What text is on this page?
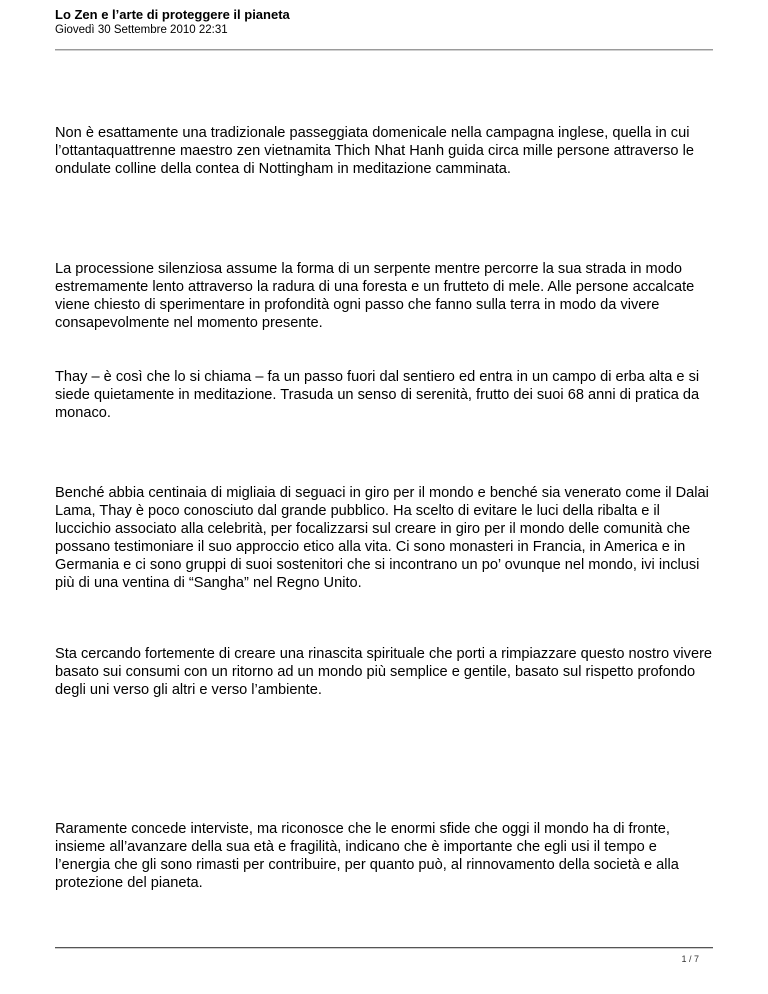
Lo Zen e l’arte di proteggere il pianeta
Giovedì 30 Settembre 2010 22:31

Non è esattamente una tradizionale passeggiata domenicale nella campagna inglese, quella in cui l’ottantaquattrenne maestro zen vietnamita Thich Nhat Hanh guida circa mille persone attraverso le ondulate colline della contea di Nottingham in meditazione camminata.

La processione silenziosa assume la forma di un serpente mentre percorre la sua strada in modo estremamente lento attraverso la radura di una foresta e un frutteto di mele. Alle persone accalcate viene chiesto di sperimentare in profondità ogni passo che fanno sulla terra in modo da vivere consapevolmente nel momento presente.

Thay – è così che lo si chiama – fa un passo fuori dal sentiero ed entra in un campo di erba alta e si siede quietamente in meditazione. Trasuda un senso di serenità, frutto dei suoi 68 anni di pratica da monaco.

Benché abbia centinaia di migliaia di seguaci in giro per il mondo e benché sia venerato come il Dalai Lama, Thay è poco conosciuto dal grande pubblico. Ha scelto di evitare le luci della ribalta e il luccichio associato alla celebrità, per focalizzarsi sul creare in giro per il mondo delle comunità che possano testimoniare il suo approccio etico alla vita. Ci sono monasteri in Francia, in America e in Germania e ci sono gruppi di suoi sostenitori che si incontrano un po’ ovunque nel mondo, ivi inclusi più di una ventina di “Sangha” nel Regno Unito.

Sta cercando fortemente di creare una rinascita spirituale che porti a rimpiazzare questo nostro vivere basato sui consumi con un ritorno ad un mondo più semplice e gentile, basato sul rispetto profondo degli uni verso gli altri e verso l’ambiente.

Raramente concede interviste, ma riconosce che le enormi sfide che oggi il mondo ha di fronte, insieme all’avanzare della sua età e fragilità, indicano che è importante che egli usi il tempo e l’energia che gli sono rimasti per contribuire, per quanto può, al rinnovamento della società e alla protezione del pianeta.

1 / 7
